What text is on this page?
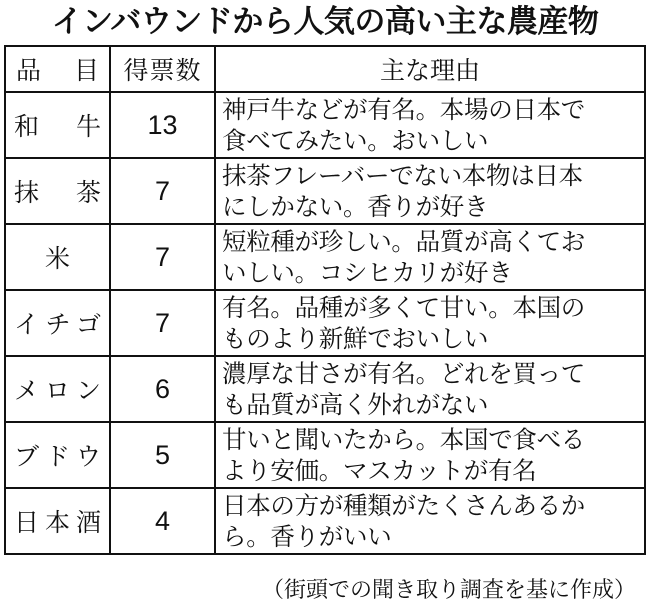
インバウンドから人気の高い主な農産物
品目	得票数	主な理由
和牛	13	神戸牛などが有名。本場の日本で
食べてみたい。おいしい
抹茶	7	抹茶フレーバーでない本物は日本
にしかない。香りが好き
米	7	短粒種が珍しい。品質が高くてお
いしい。コシヒカリが好き
イチゴ	7	有名。品種が多くて甘い。本国の
ものより新鮮でおいしい
メロン	6	濃厚な甘さが有名。どれを買って
も品質が高く外れがない
ブドウ	5	甘いと聞いたから。本国で食べる
より安価。マスカットが有名
日本酒	4	日本の方が種類がたくさんあるか
ら。香りがいい
（街頭での聞き取り調査を基に作成）
